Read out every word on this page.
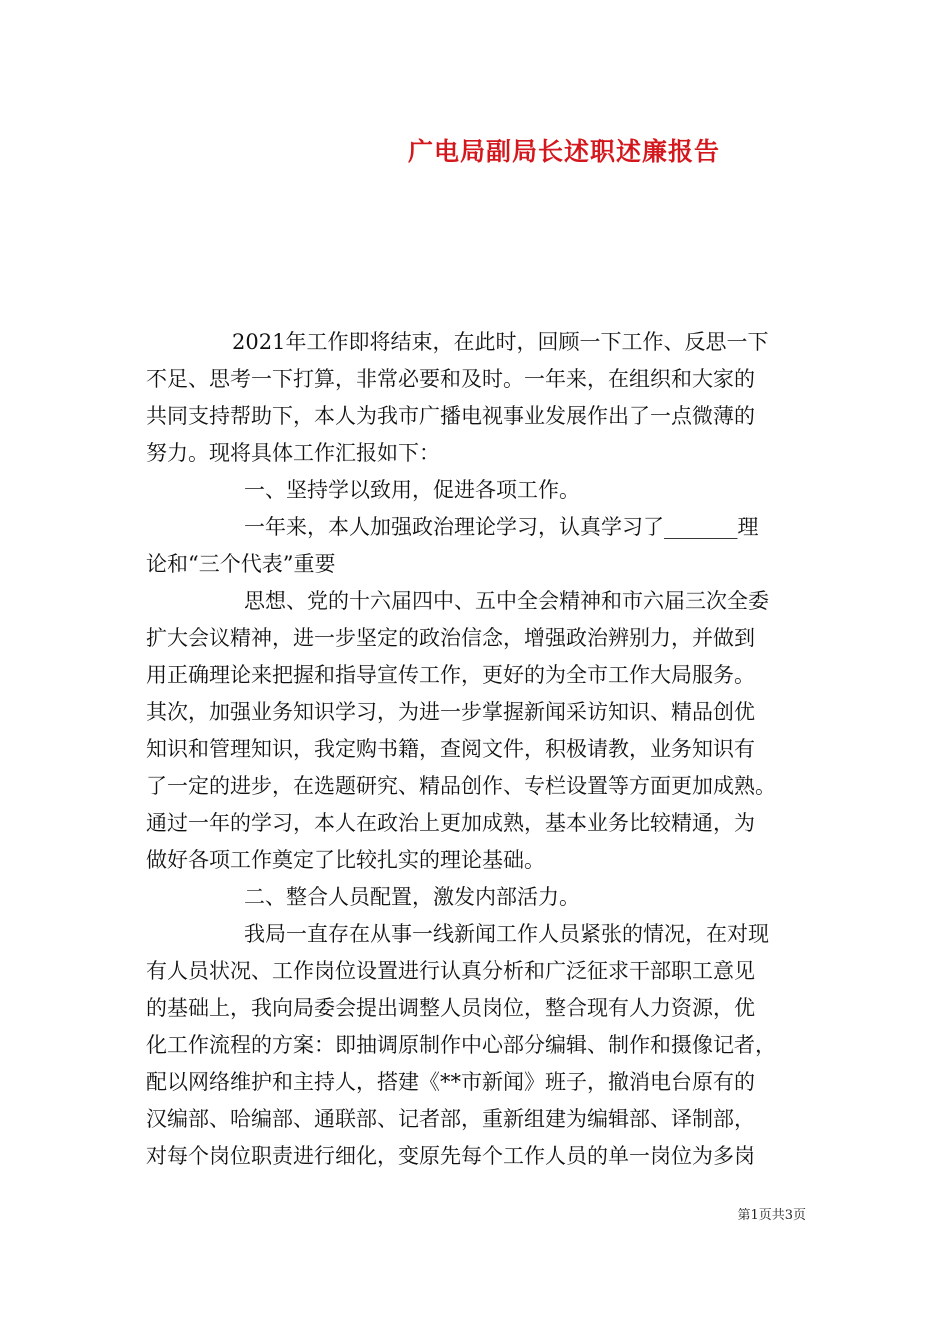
广电局副局长述职述廉报告
2021年工作即将结束，在此时，回顾一下工作、反思一下
不足、思考一下打算，非常必要和及时。一年来，在组织和大家的
共同支持帮助下，本人为我市广播电视事业发展作出了一点微薄的
努力。现将具体工作汇报如下：
一、坚持学以致用，促进各项工作。
一年来，本人加强政治理论学习，认真学习了_______理
论和“三个代表”重要
思想、党的十六届四中、五中全会精神和市六届三次全委
扩大会议精神，进一步坚定的政治信念，增强政治辨别力，并做到
用正确理论来把握和指导宣传工作，更好的为全市工作大局服务。
其次，加强业务知识学习，为进一步掌握新闻采访知识、精品创优
知识和管理知识，我定购书籍，查阅文件，积极请教，业务知识有
了一定的进步，在选题研究、精品创作、专栏设置等方面更加成熟。
通过一年的学习，本人在政治上更加成熟，基本业务比较精通，为
做好各项工作奠定了比较扎实的理论基础。
二、整合人员配置，激发内部活力。
我局一直存在从事一线新闻工作人员紧张的情况，在对现
有人员状况、工作岗位设置进行认真分析和广泛征求干部职工意见
的基础上，我向局委会提出调整人员岗位，整合现有人力资源，优
化工作流程的方案：即抽调原制作中心部分编辑、制作和摄像记者，
配以网络维护和主持人，搭建《**市新闻》班子，撤消电台原有的
汉编部、哈编部、通联部、记者部，重新组建为编辑部、译制部，
对每个岗位职责进行细化，变原先每个工作人员的单一岗位为多岗
第1页共3页
